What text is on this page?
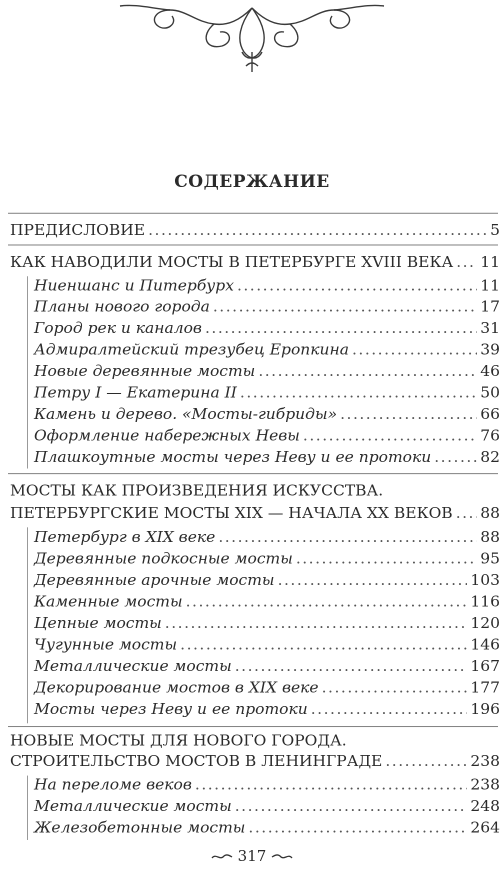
СОДЕРЖАНИЕ
ПРЕДИСЛОВИЕ .....	5
КАК НАВОДИЛИ МОСТЫ В ПЕТЕРБУРГЕ XVIII ВЕКА ..... 11
Ниеншанс и Питербурх .....	11
Планы нового города .....	17
Город рек и каналов .....	31
Адмиралтейский трезубец Еропкина .....	39
Новые деревянные мосты .....	46
Петру I — Екатерина II .....	50
Камень и дерево. «Мосты-гибриды» .....	66
Оформление набережных Невы .....	76
Плашкоутные мосты через Неву и ее протоки .....	82
МОСТЫ КАК ПРОИЗВЕДЕНИЯ ИСКУССТВА.
ПЕТЕРБУРГСКИЕ МОСТЫ XIX — НАЧАЛА XX ВЕКОВ ..... 88
Петербург в XIX веке .....	88
Деревянные подкосные мосты .....	95
Деревянные арочные мосты .....	103
Каменные мосты .....	116
Цепные мосты .....	120
Чугунные мосты .....	146
Металлические мосты .....	167
Декорирование мостов в XIX веке .....	177
Мосты через Неву и ее протоки .....	196
НОВЫЕ МОСТЫ ДЛЯ НОВОГО ГОРОДА.
СТРОИТЕЛЬСТВО МОСТОВ В ЛЕНИНГРАДЕ .....	238
На переломе веков .....	238
Металлические мосты .....	248
Железобетонные мосты .....	264
317
